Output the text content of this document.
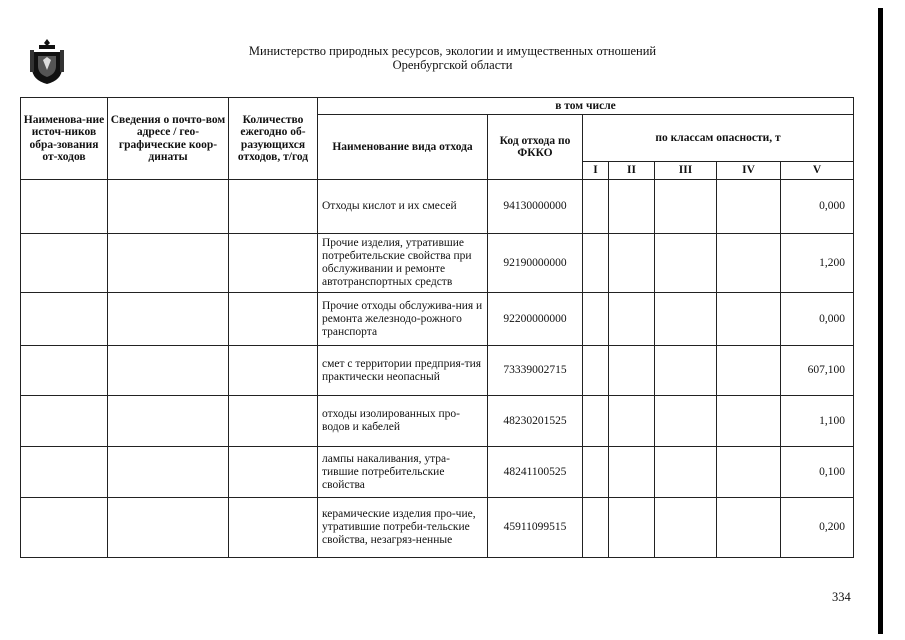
Министерство природных ресурсов, экологии и имущественных отношений
Оренбургской области
Наименова-ние источ-ников обра-зования от-ходов	Сведения о почто-вом адресе / гео-графические коор-динаты	Количество ежегодно об-разующихся отходов, т/год	в том числе						
			Наименование вида отхода	Код отхода по ФККО	по классам опасности, т				
					I	II	III	IV	V
			Отходы кислот и их смесей	94130000000					0,000
			Прочие изделия, утратившие потребительские свойства при обслуживании и ремонте автотранспортных средств	92190000000					1,200
			Прочие отходы обслужива-ния и ремонта железнодо-рожного транспорта	92200000000					0,000
			смет с территории предприя-тия практически неопасный	73339002715					607,100
			отходы изолированных про-водов и кабелей	48230201525					1,100
			лампы накаливания, утра-тившие потребительские свойства	48241100525					0,100
			керамические изделия про-чие, утратившие потреби-тельские свойства, незагряз-ненные	45911099515					0,200
334
